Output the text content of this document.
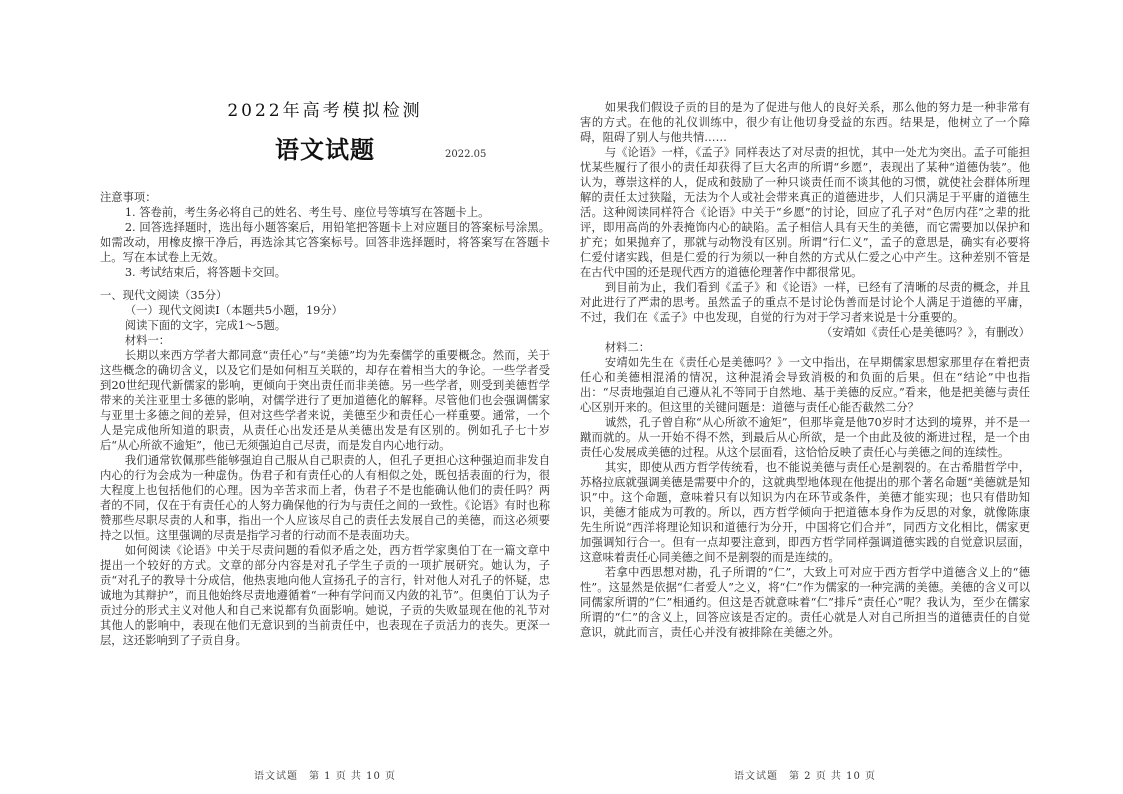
2022年高考模拟检测
语文试题	2022.05

注意事项：

1. 答卷前，考生务必将自己的姓名、考生号、座位号等填写在答题卡上。

2. 回答选择题时，选出每小题答案后，用铅笔把答题卡上对应题目的答案标号涂黑。如需改动，用橡皮擦干净后，再选涂其它答案标号。回答非选择题时，将答案写在答题卡上。写在本试卷上无效。

3. 考试结束后，将答题卡交回。

一、现代文阅读（35分）

（一）现代文阅读Ⅰ（本题共5小题，19分）

阅读下面的文字，完成1～5题。

材料一：

长期以来西方学者大都同意“责任心”与“美德”均为先秦儒学的重要概念。然而，关于这些概念的确切含义，以及它们是如何相互关联的，却存在着相当大的争论。一些学者受到20世纪现代新儒家的影响，更倾向于突出责任而非美德。另一些学者，则受到美德哲学带来的关注亚里士多德的影响，对儒学进行了更加道德化的解释。尽管他们也会强调儒家与亚里士多德之间的差异，但对这些学者来说，美德至少和责任心一样重要。通常，一个人是完成他所知道的职责，从责任心出发还是从美德出发是有区别的。例如孔子七十岁后“从心所欲不逾矩”，他已无须强迫自己尽责，而是发自内心地行动。

我们通常钦佩那些能够强迫自己服从自己职责的人，但孔子更担心这种强迫而非发自内心的行为会成为一种虚伪。伪君子和有责任心的人有相似之处，既包括表面的行为，很大程度上也包括他们的心理。因为辛苦求而上者，伪君子不是也能确认他们的责任吗？两者的不同，仅在于有责任心的人努力确保他的行为与责任之间的一致性。《论语》有时也称赞那些尽职尽责的人和事，指出一个人应该尽自己的责任去发展自己的美德，而这必须要持之以恒。这里强调的尽责是指学习者的行动而不是表面功夫。

如何阅读《论语》中关于尽责问题的看似矛盾之处，西方哲学家奥伯丁在一篇文章中提出一个较好的方式。文章的部分内容是对孔子学生子贡的一项扩展研究。她认为，子贡“对孔子的教导十分成信，他热衷地向他人宣扬孔子的言行，针对他人对孔子的怀疑，忠诚地为其辩护”，而且他始终尽责地遵循着“一种有学问而又内敛的礼节”。但奥伯丁认为子贡过分的形式主义对他人和自己来说都有负面影响。她说，子贡的失败显现在他的礼节对其他人的影响中，表现在他们无意识到的当前责任中，也表现在子贡活力的丧失。更深一层，这还影响到了子贡自身。

语文试题　第 1 页 共 10 页

如果我们假设子贡的目的是为了促进与他人的良好关系，那么他的努力是一种非常有害的方式。在他的礼仪训练中，很少有让他切身受益的东西。结果是，他树立了一个障碍，阻碍了别人与他共情……

与《论语》一样，《孟子》同样表达了对尽责的担忧，其中一处尤为突出。孟子可能担忧某些履行了很小的责任却获得了巨大名声的所谓“乡愿”，表现出了某种“道德伪装”。他认为，尊崇这样的人，促成和鼓励了一种只谈责任而不谈其他的习惯，就使社会群体所理解的责任太过狭隘，无法为个人或社会带来真正的道德进步，人们只满足于平庸的道德生活。这种阅读同样符合《论语》中关于“乡愿”的讨论，回应了孔子对“色厉内荏”之辈的批评，即用高尚的外表掩饰内心的缺陷。孟子相信人具有天生的美德，而它需要加以保护和扩充；如果抛弃了，那就与动物没有区别。所谓“行仁义”，孟子的意思是，确实有必要将仁爱付诸实践，但是仁爱的行为须以一种自然的方式从仁爱之心中产生。这种差别不管是在古代中国的还是现代西方的道德伦理著作中都很常见。

到目前为止，我们看到《孟子》和《论语》一样，已经有了清晰的尽责的概念，并且对此进行了严肃的思考。虽然孟子的重点不是讨论伪善而是讨论个人满足于道德的平庸，不过，我们在《孟子》中也发现，自觉的行为对于学习者来说是十分重要的。

（安靖如《责任心是美德吗？》，有删改）

材料二：

安靖如先生在《责任心是美德吗？》一文中指出，在早期儒家思想家那里存在着把责任心和美德相混淆的情况，这种混淆会导致消极的和负面的后果。但在“结论”中也指出：“尽责地强迫自己遵从礼不等同于自然地、基于美德的反应。”看来，他是把美德与责任心区别开来的。但这里的关键问题是：道德与责任心能否截然二分？

诚然，孔子曾自称“从心所欲不逾矩”，但那毕竟是他70岁时才达到的境界，并不是一蹴而就的。从一开始不得不然，到最后从心所欲，是一个由此及彼的渐进过程，是一个由责任心发展成美德的过程。从这个层面看，这恰恰反映了责任心与美德之间的连续性。

其实，即使从西方哲学传统看，也不能说美德与责任心是割裂的。在古希腊哲学中，苏格拉底就强调美德是需要中介的，这就典型地体现在他提出的那个著名命题“美德就是知识”中。这个命题，意味着只有以知识为内在环节或条件，美德才能实现；也只有借助知识，美德才能成为可教的。所以，西方哲学倾向于把道德本身作为反思的对象，就像陈康先生所说“西洋将理论知识和道德行为分开，中国将它们合并”，同西方文化相比，儒家更加强调知行合一。但有一点却要注意到，即西方哲学同样强调道德实践的自觉意识层面，这意味着责任心同美德之间不是割裂的而是连续的。

若拿中西思想对勘，孔子所谓的“仁”，大致上可对应于西方哲学中道德含义上的“德性”。这显然是依据“仁者爱人”之义，将“仁”作为儒家的一种完满的美德。美德的含义可以同儒家所谓的“仁”相通约。但这是否就意味着“仁”排斥“责任心”呢？我认为，至少在儒家所谓的“仁”的含义上，回答应该是否定的。责任心就是人对自己所担当的道德责任的自觉意识，就此而言，责任心并没有被排除在美德之外。

语文试题　第 2 页 共 10 页
